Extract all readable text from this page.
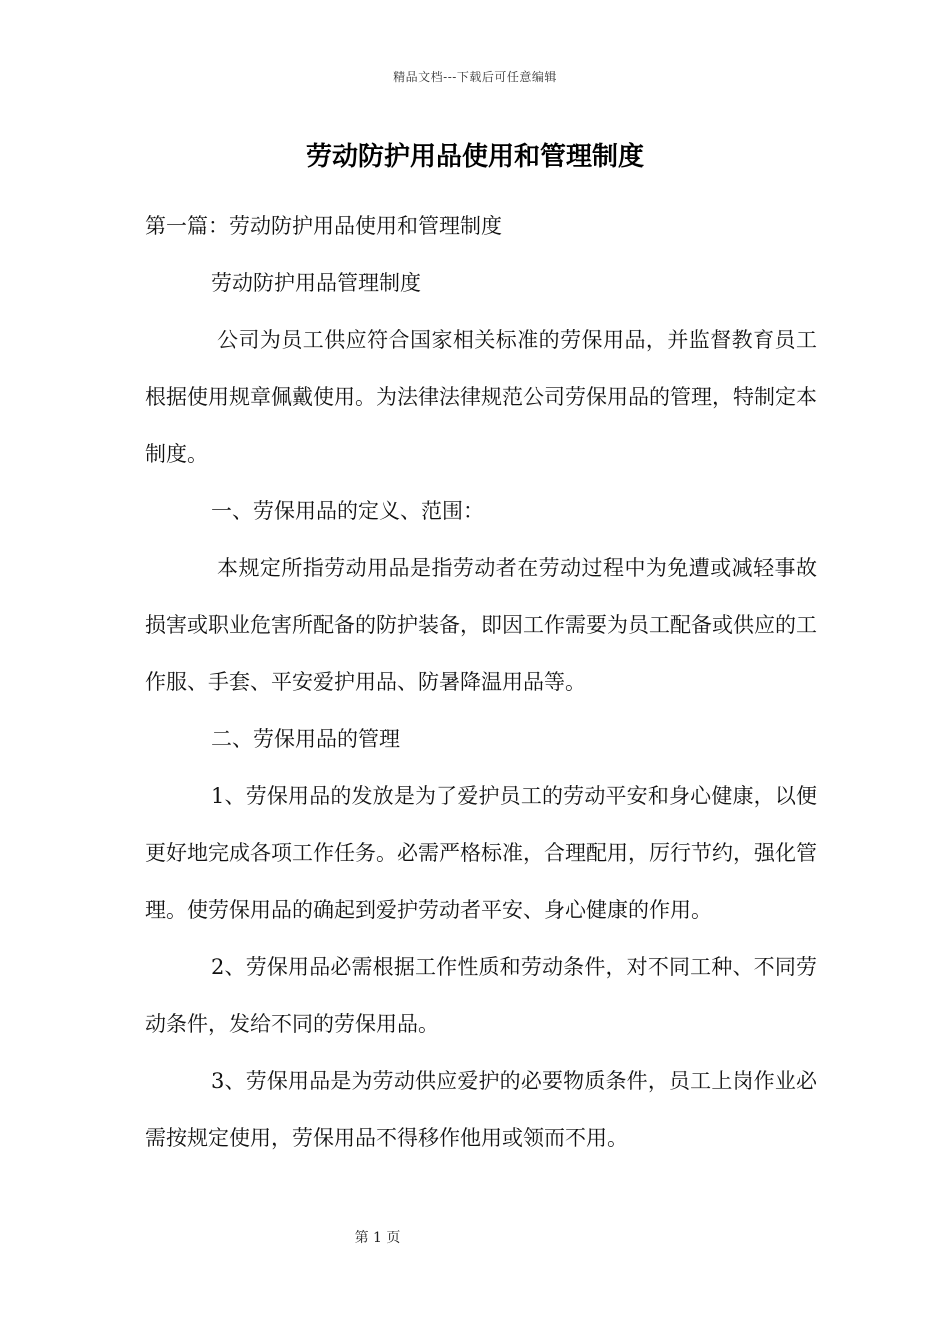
精品文档---下载后可任意编辑
劳动防护用品使用和管理制度

第一篇：劳动防护用品使用和管理制度

劳动防护用品管理制度

公司为员工供应符合国家相关标准的劳保用品，并监督教育员工根据使用规章佩戴使用。为法律法律规范公司劳保用品的管理，特制定本制度。

一、劳保用品的定义、范围：

本规定所指劳动用品是指劳动者在劳动过程中为免遭或减轻事故损害或职业危害所配备的防护装备，即因工作需要为员工配备或供应的工作服、手套、平安爱护用品、防暑降温用品等。

二、劳保用品的管理

1、劳保用品的发放是为了爱护员工的劳动平安和身心健康，以便更好地完成各项工作任务。必需严格标准，合理配用，厉行节约，强化管理。使劳保用品的确起到爱护劳动者平安、身心健康的作用。

2、劳保用品必需根据工作性质和劳动条件，对不同工种、不同劳动条件，发给不同的劳保用品。

3、劳保用品是为劳动供应爱护的必要物质条件，员工上岗作业必需按规定使用，劳保用品不得移作他用或领而不用。

第 1 页
